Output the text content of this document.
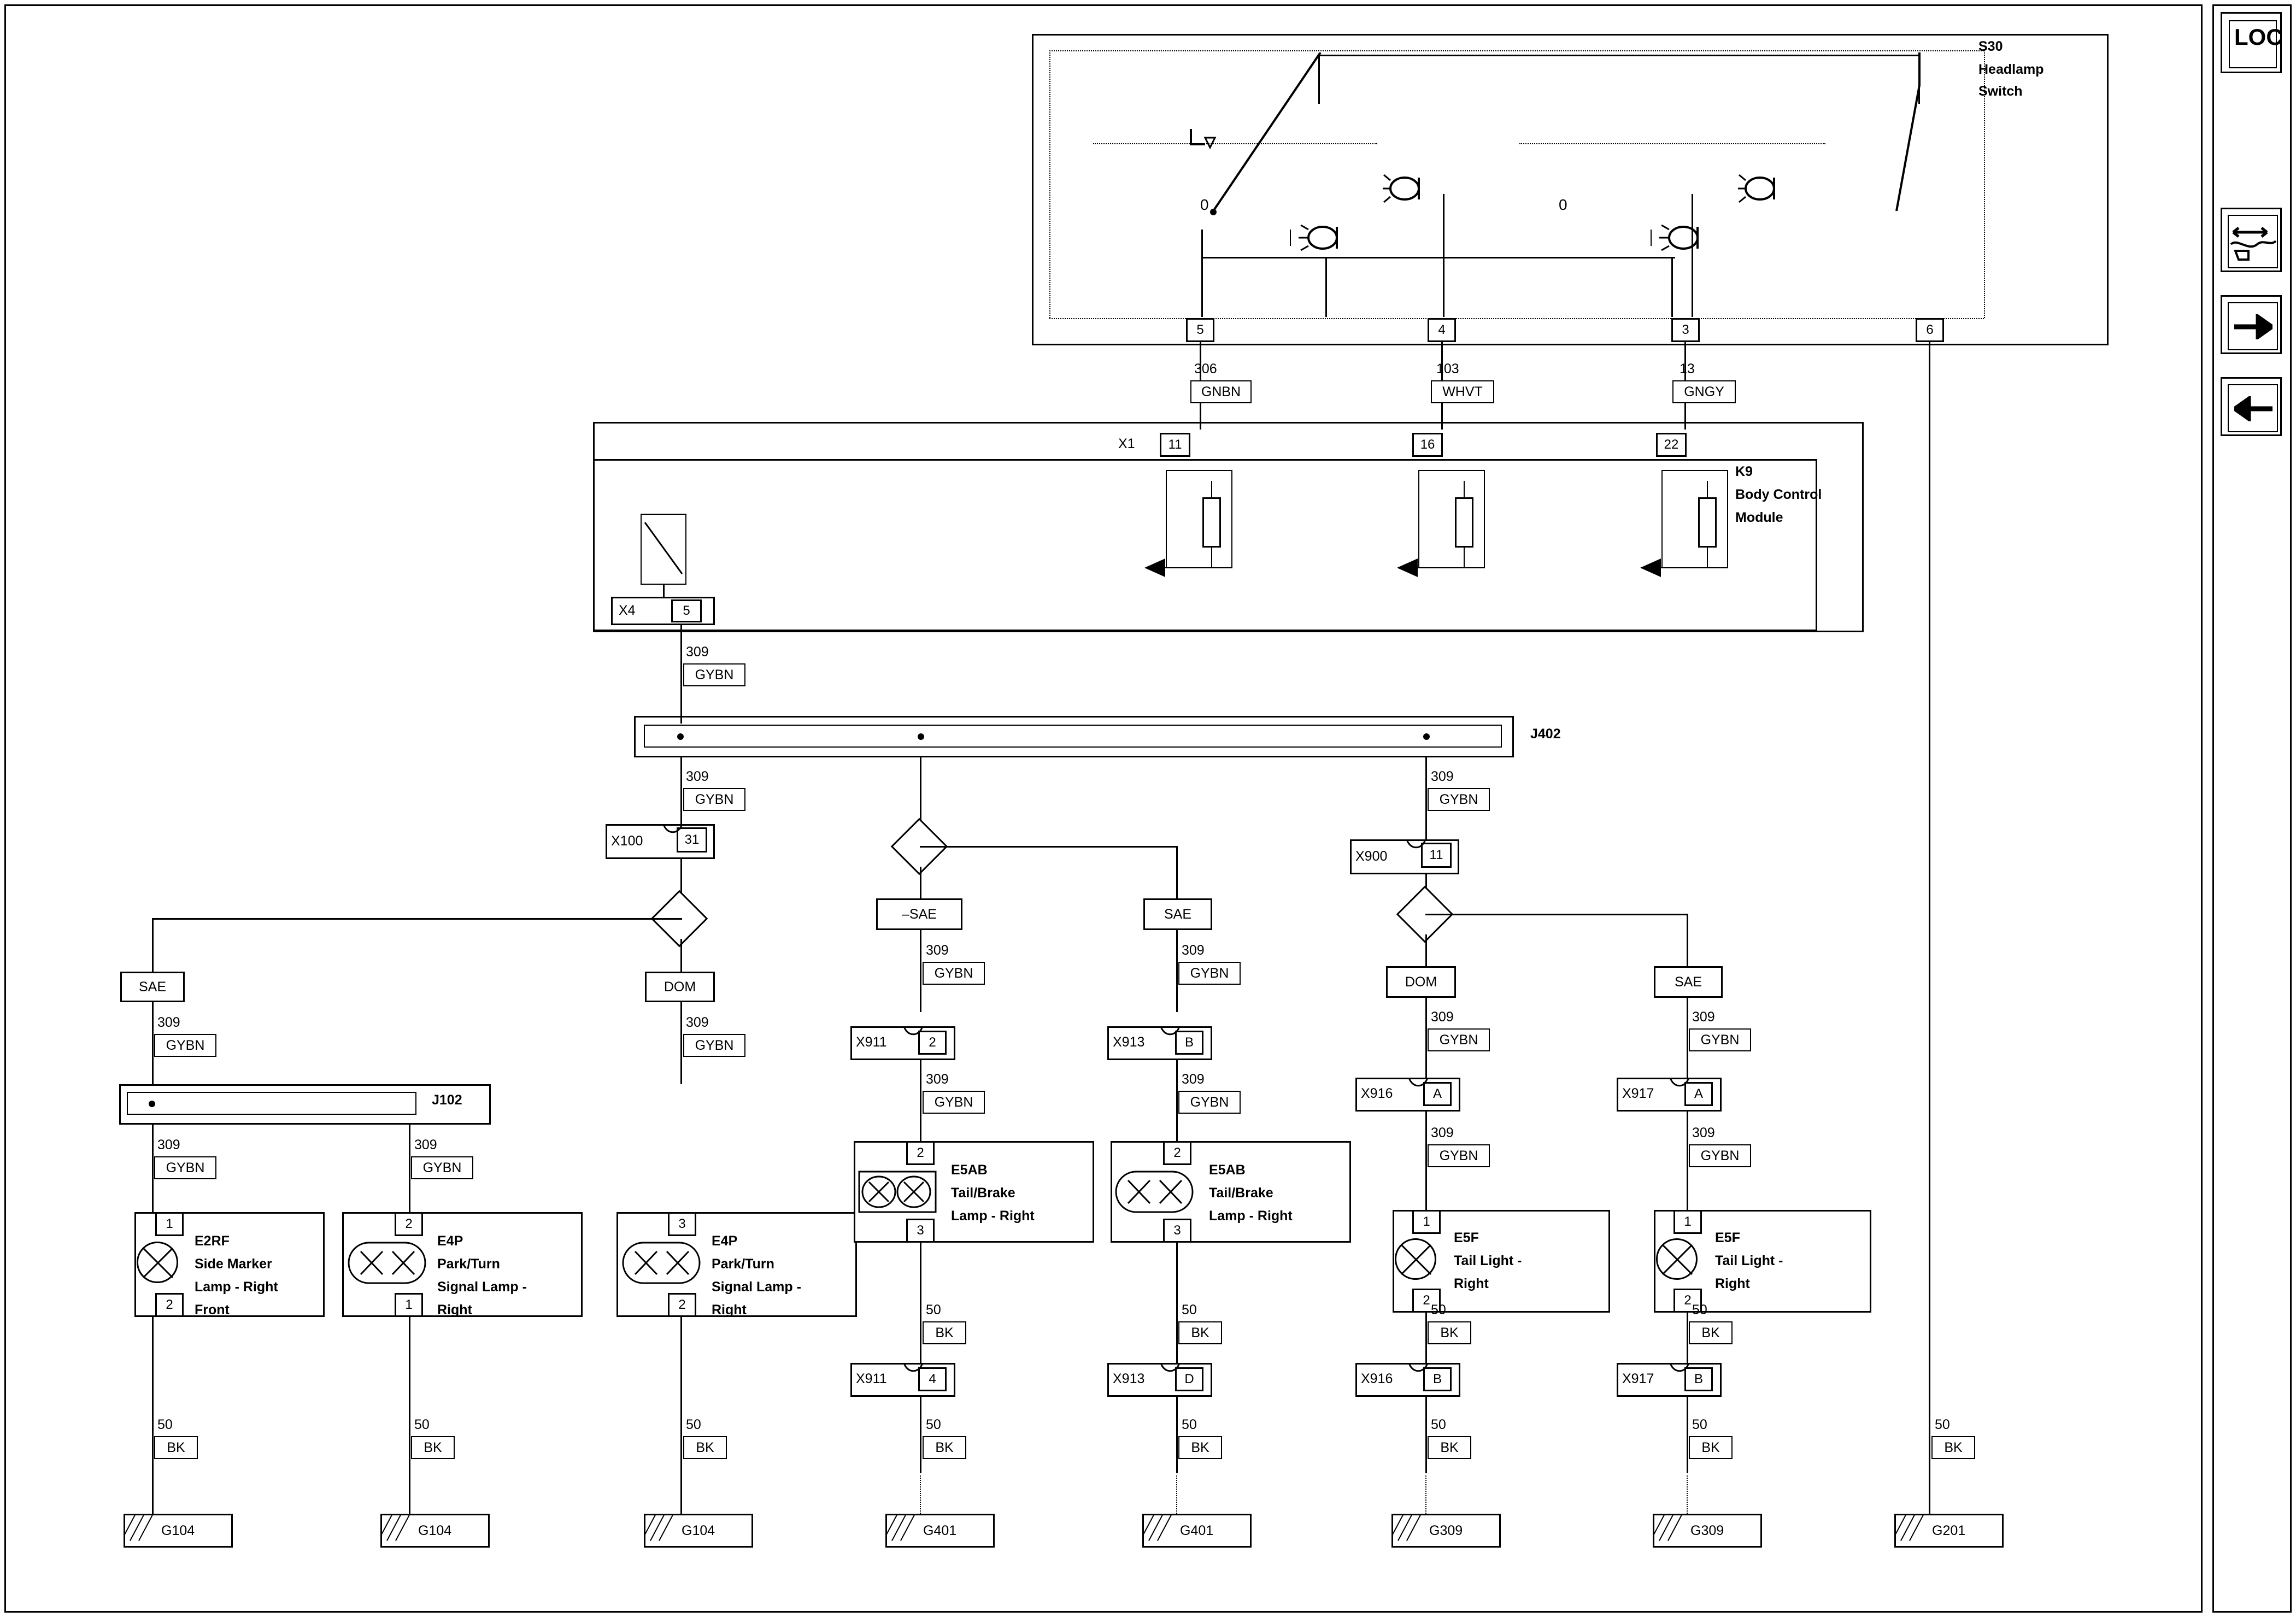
LOC
S30
Headlamp
Switch
0	0
5	4	3	6
306
GNBN
103
WHVT
13
GNGY
K9
Body Control
Module
X1	11	16	22
X4	5
309
GYBN
J402
309
GYBN
X100	31
SAE	DOM
309
GYBN
309
GYBN
J102
309
GYBN
309
GYBN
1
2
E2RF
Side Marker
Lamp - Right
Front
50
BK
G104
2
1
E4P
Park/Turn
Signal Lamp -
Right
50
BK
G104
3
2
E4P
Park/Turn
Signal Lamp -
Right
50
BK
G104
–SAE	SAE
309
GYBN
309
GYBN
X911	2	X913	B
309
GYBN
309
GYBN
2
3
E5AB
Tail/Brake
Lamp - Right
50
BK
X911	4
50
BK
G401
2
3
E5AB
Tail/Brake
Lamp - Right
50
BK
X913	D
50
BK
G401
309
GYBN
X900	11
DOM	SAE
309
GYBN
309
GYBN
X916	A	X917	A
309
GYBN
309
GYBN
1
2
E5F
Tail Light -
Right
50
BK
X916	B
50
BK
G309
1
2
E5F
Tail Light -
Right
50
BK
X917	B
50
BK
G309
50
BK
G201
